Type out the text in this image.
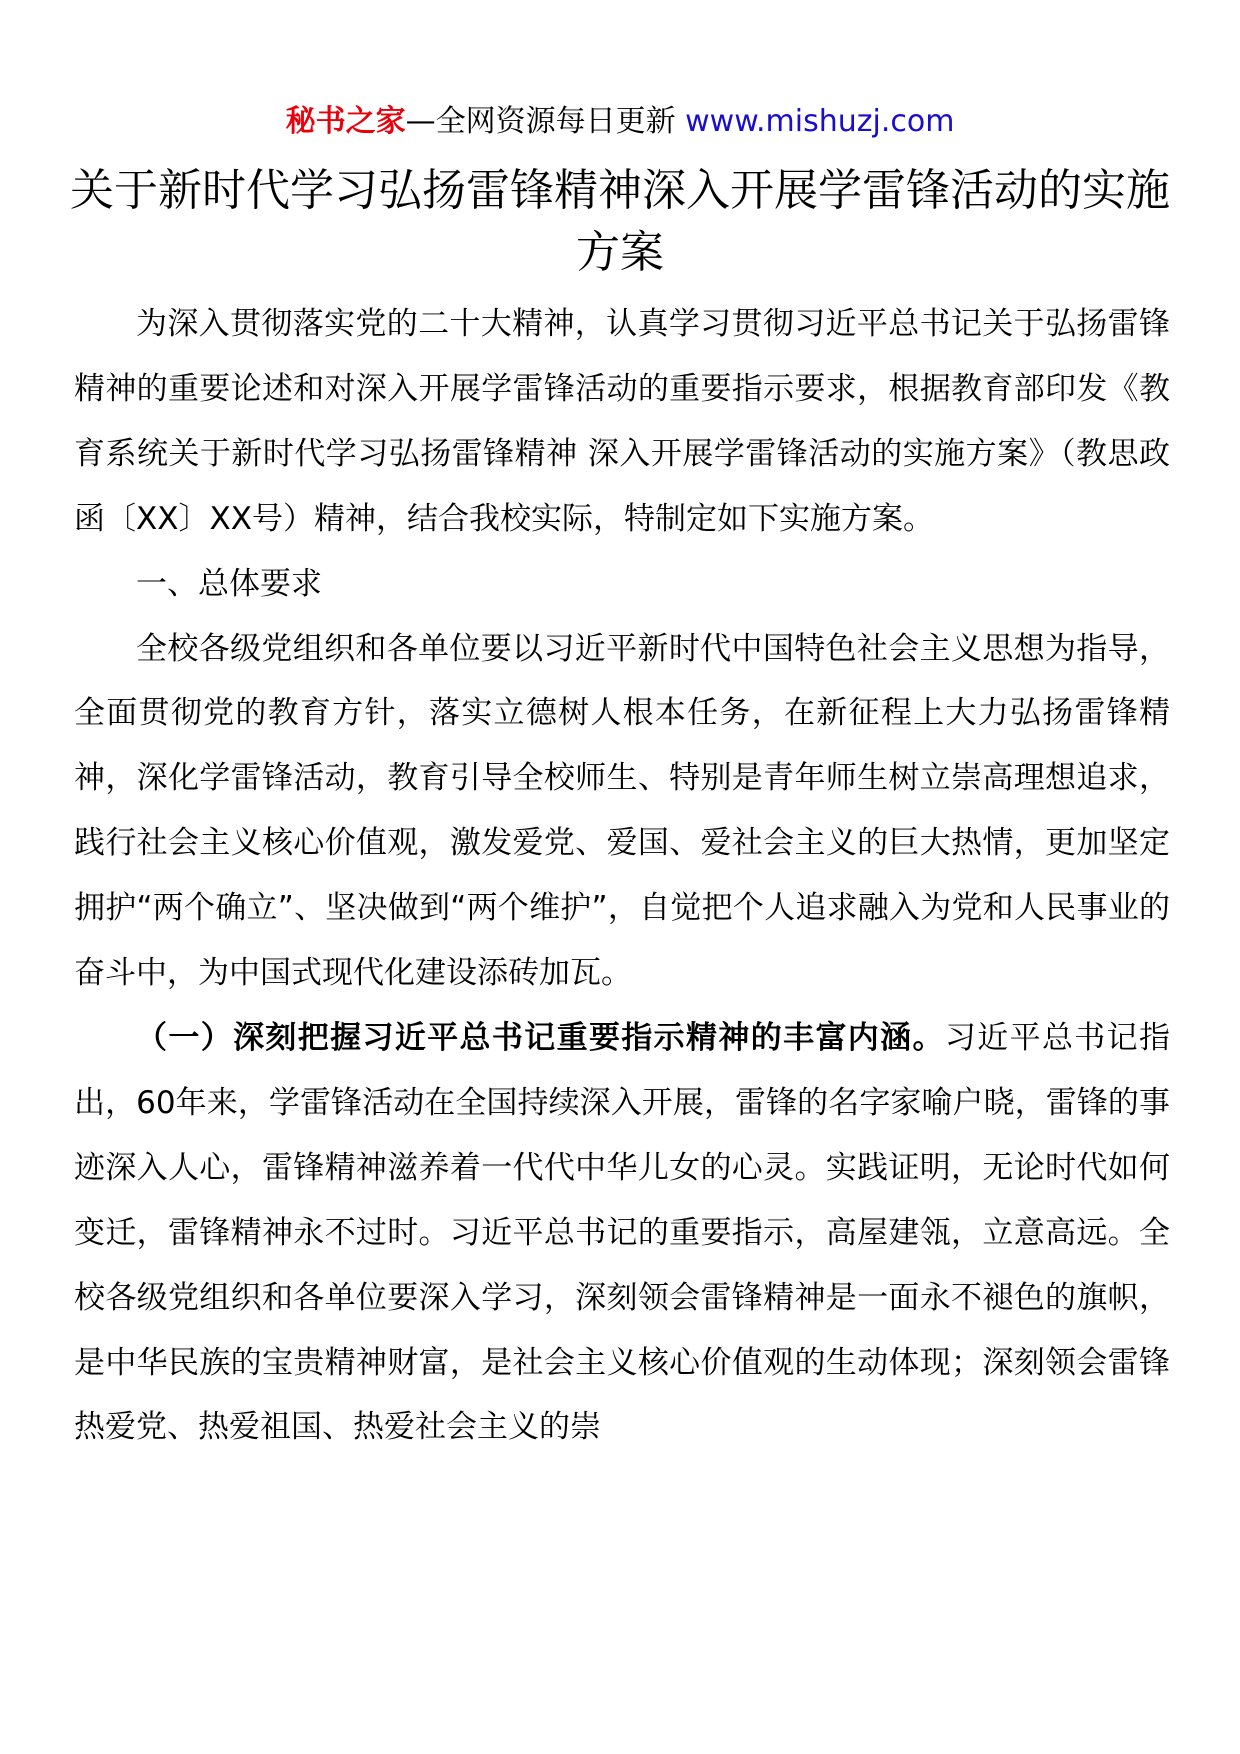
秘书之家—全网资源每日更新 www.mishuzj.com
关于新时代学习弘扬雷锋精神深入开展学雷锋活动的实施方案

为深入贯彻落实党的二十大精神，认真学习贯彻习近平总书记关于弘扬雷锋精神的重要论述和对深入开展学雷锋活动的重要指示要求，根据教育部印发《教育系统关于新时代学习弘扬雷锋精神 深入开展学雷锋活动的实施方案》（教思政函〔XX〕XX号）精神，结合我校实际，特制定如下实施方案。

一、总体要求

全校各级党组织和各单位要以习近平新时代中国特色社会主义思想为指导，全面贯彻党的教育方针，落实立德树人根本任务，在新征程上大力弘扬雷锋精神，深化学雷锋活动，教育引导全校师生、特别是青年师生树立崇高理想追求，践行社会主义核心价值观，激发爱党、爱国、爱社会主义的巨大热情，更加坚定拥护“两个确立”、坚决做到“两个维护”，自觉把个人追求融入为党和人民事业的奋斗中，为中国式现代化建设添砖加瓦。

（一）深刻把握习近平总书记重要指示精神的丰富内涵。习近平总书记指出，60年来，学雷锋活动在全国持续深入开展，雷锋的名字家喻户晓，雷锋的事迹深入人心，雷锋精神滋养着一代代中华儿女的心灵。实践证明，无论时代如何变迁，雷锋精神永不过时。习近平总书记的重要指示，高屋建瓴，立意高远。全校各级党组织和各单位要深入学习，深刻领会雷锋精神是一面永不褪色的旗帜，是中华民族的宝贵精神财富，是社会主义核心价值观的生动体现；深刻领会雷锋热爱党、热爱祖国、热爱社会主义的崇
